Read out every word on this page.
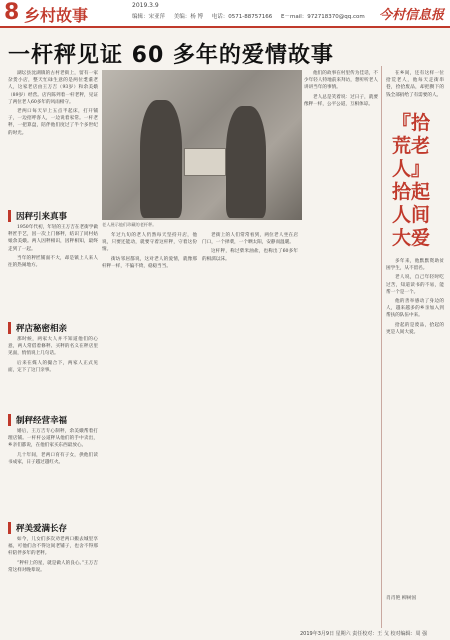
8 乡村故事
2019.3.9
编辑：宋亚萍 美编：杨 博 电话：0571-88757166 E－mail：972718370@qq.com	今村信息报
一杆秤见证 60 多年的爱情故事

湖坛县沈湖镇的古村老街上，留有一家杂货小店，整天忙碌生意的是两位耄耋老人，这家老店由王万吉（93岁）和余美娥（89岁）经营。店内陈列着一杆老秤，见证了两位老人60多年的风雨相守。

老两口每天早上五点半起床，打开铺子，一边招呼客人，一边说着家常。一杆老秤，一把算盘，陪伴他们度过了半个多世纪的时光。

老人展示他们珍藏的老杆秤。
因秤引来真事

1950年代初，年轻的王万吉在老街学做秤匠手艺，因一次上门修秤，结识了同村姑娘余美娥。两人因秤相识，因秤相知，最终走到了一起。

当年的秤匠铺面不大，却是镇上人来人往的热闹地方。

秤店秘密相亲

那时候，两家大人并不知道他们的心意，两人常借着修秤、买秤的名义在秤店里见面，悄悄说上几句话。

后来在媒人的撮合下，两家人正式见面，定下了这门亲事。

制秤经营幸福

婚后，王万吉专心制秤，余美娥帮着打理店铺。一杆杆公道秤从他们的手中卖出，乡亲们都说，在他们家买东西最放心。

几十年间，老两口育有子女，供他们读书成家，日子越过越红火。

秤美爱满长存

如今，儿女们多次劝老两口搬去城里享福，可他们舍不得这间老铺子，也舍不得那杆陪伴多年的老秤。

“秤杆上的星，就是做人的良心。”王万吉常这样对晚辈说。

年过九旬的老人仍然每天坚持开店，他说，只要还能动，就要守着这杆秤，守着这份情。

街坊邻居都说，这对老人的爱情，就像那杆秤一样，不偏不倚，稳稳当当。

老街上的人们常常看到，两位老人坐在店门口，一个择菜，一个晒太阳，安静而温暖。

这杆秤，称过柴米油盐，也称出了60多年的相濡以沫。

他们的故事在村里传为佳话，不少年轻人特地前来拜访，想听听老人讲讲当年的事情。

老人总是笑着说：过日子，就要像秤一样，公平公道，互相体谅。

在乡间，还有这样一位拾荒老人，他每天走街串巷，捡拾废品，却把攒下的钱全部捐给了有需要的人。

『拾
荒老
人』
拾起
人间
大爱

多年来，他默默资助贫困学生，从不留名。

老人说，自己年轻时吃过苦，知道读书的不易，能帮一个是一个。

他的善举感动了身边的人，越来越多的乡亲加入到帮扶的队伍中来。

拾起的是废品，拾起的更是人间大爱。

肖肖艳 柳树国
2019年3月9日 星期六 责任校对：王 戈 校对编辑：周 强
